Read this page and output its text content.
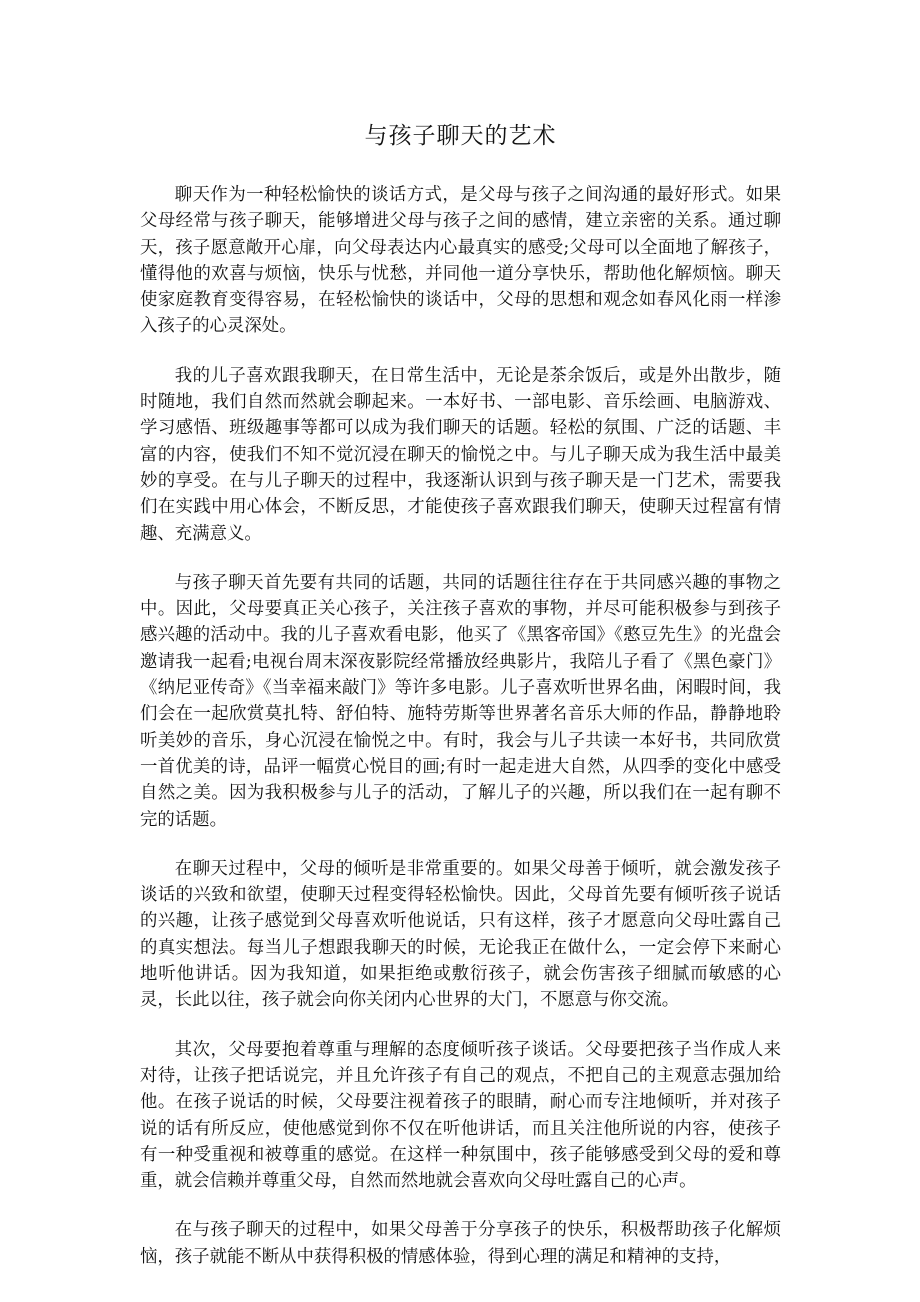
与孩子聊天的艺术

聊天作为一种轻松愉快的谈话方式，是父母与孩子之间沟通的最好形式。如果父母经常与孩子聊天，能够增进父母与孩子之间的感情，建立亲密的关系。通过聊天，孩子愿意敞开心扉，向父母表达内心最真实的感受;父母可以全面地了解孩子，懂得他的欢喜与烦恼，快乐与忧愁，并同他一道分享快乐，帮助他化解烦恼。聊天使家庭教育变得容易，在轻松愉快的谈话中，父母的思想和观念如春风化雨一样渗入孩子的心灵深处。

我的儿子喜欢跟我聊天，在日常生活中，无论是茶余饭后，或是外出散步，随时随地，我们自然而然就会聊起来。一本好书、一部电影、音乐绘画、电脑游戏、学习感悟、班级趣事等都可以成为我们聊天的话题。轻松的氛围、广泛的话题、丰富的内容，使我们不知不觉沉浸在聊天的愉悦之中。与儿子聊天成为我生活中最美妙的享受。在与儿子聊天的过程中，我逐渐认识到与孩子聊天是一门艺术，需要我们在实践中用心体会，不断反思，才能使孩子喜欢跟我们聊天，使聊天过程富有情趣、充满意义。

与孩子聊天首先要有共同的话题，共同的话题往往存在于共同感兴趣的事物之中。因此，父母要真正关心孩子，关注孩子喜欢的事物，并尽可能积极参与到孩子感兴趣的活动中。我的儿子喜欢看电影，他买了《黑客帝国》《憨豆先生》的光盘会邀请我一起看;电视台周末深夜影院经常播放经典影片，我陪儿子看了《黑色豪门》《纳尼亚传奇》《当幸福来敲门》等许多电影。儿子喜欢听世界名曲，闲暇时间，我们会在一起欣赏莫扎特、舒伯特、施特劳斯等世界著名音乐大师的作品，静静地聆听美妙的音乐，身心沉浸在愉悦之中。有时，我会与儿子共读一本好书，共同欣赏一首优美的诗，品评一幅赏心悦目的画;有时一起走进大自然，从四季的变化中感受自然之美。因为我积极参与儿子的活动，了解儿子的兴趣，所以我们在一起有聊不完的话题。

在聊天过程中，父母的倾听是非常重要的。如果父母善于倾听，就会激发孩子谈话的兴致和欲望，使聊天过程变得轻松愉快。因此，父母首先要有倾听孩子说话的兴趣，让孩子感觉到父母喜欢听他说话，只有这样，孩子才愿意向父母吐露自己的真实想法。每当儿子想跟我聊天的时候，无论我正在做什么，一定会停下来耐心地听他讲话。因为我知道，如果拒绝或敷衍孩子，就会伤害孩子细腻而敏感的心灵，长此以往，孩子就会向你关闭内心世界的大门，不愿意与你交流。

其次，父母要抱着尊重与理解的态度倾听孩子谈话。父母要把孩子当作成人来对待，让孩子把话说完，并且允许孩子有自己的观点，不把自己的主观意志强加给他。在孩子说话的时候，父母要注视着孩子的眼睛，耐心而专注地倾听，并对孩子说的话有所反应，使他感觉到你不仅在听他讲话，而且关注他所说的内容，使孩子有一种受重视和被尊重的感觉。在这样一种氛围中，孩子能够感受到父母的爱和尊重，就会信赖并尊重父母，自然而然地就会喜欢向父母吐露自己的心声。

在与孩子聊天的过程中，如果父母善于分享孩子的快乐，积极帮助孩子化解烦恼，孩子就能不断从中获得积极的情感体验，得到心理的满足和精神的支持，
